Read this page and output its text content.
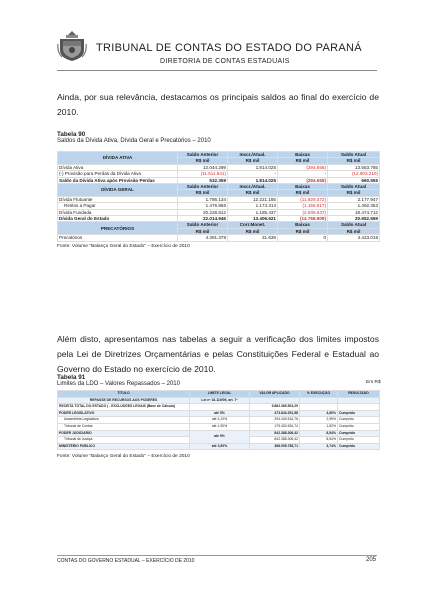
TRIBUNAL DE CONTAS DO ESTADO DO PARANÁ
DIRETORIA DE CONTAS ESTADUAIS
Ainda, por sua relevância, destacamos os principais saldos ao final do exercício de 2010.
Tabela 90
Saldos da Dívida Ativa, Dívida Geral e Precatórios – 2010
DÍVIDA ATIVA	Saldo Anterior	Inscr./Atual.	Baixas	Saldo Atual
	R$ mil	R$ mil	R$ mil	R$ mil
Dívida Ativa	12.044.299	1.814.025	(294.558)	13.563.765
(-) Provisão para Perdas da Dívida Ativa	(11.511.941)	-	-	(12.903.210)
Saldo da Dívida Ativa após Provisão Perdas	532.359	1.814.025	(294.558)	660.555
DÍVIDA GERAL	Saldo Anterior	Inscr./Atual.	Baixas	Saldo Atual
	R$ mil	R$ mil	R$ mil	R$ mil
Dívida Flutuante	1.786.134	12.221.185	(11.829.372)	2.177.947
Restos a Pagar	1.476.956	1.174.314	(1.158.917)	1.492.353
Dívida Fundada	20.228.812	1.185.437	(2.939.537)	18.474.712
Dívida Geral do Estado	22.014.946	13.406.621	(14.768.909)	20.652.659
PRECATÓRIOS	Saldo Anterior	Corr.Monet.	Baixas	Saldo Atual
	R$ mil	R$ mil	R$ mil	R$ mil
Precatórios	4.391.379	31.639	0	4.423.018
Fonte: Volume "Balanço Geral do Estado" – Exercício de 2010
Além disto, apresentamos nas tabelas a seguir a verificação dos limites impostos pela Lei de Diretrizes Orçamentárias e pelas Constituições Federal e Estadual ao Governo do Estado no exercício de 2010.
Tabela 91
Limites da LDO – Valores Repassados – 2010	Em R$
TÍTULO	LIMITE LEGAL	VALOR APLICADO	% EXECUÇÃO	RESULTADO
REPASSE DE RECURSOS AOS PODERES	Lei nº 16.119/09, art. 7º			
RECEITA TOTAL DO ESTADO ( - EXCLUSÕES LEGAIS (Base de Cálculo)		9.862.365.503,29		
PODER LEGISLATIVO	até 5%	473.843.251,58	4,80%	Cumprido
Assembléia Legislativa	até 3,10%	294.440.616,76	2,99%	Cumprido
Tribunal de Contas	até 1,90%	179.402.634,74	1,82%	Cumprido
PODER JUDICIÁRIO	até 9%	842.388.306,42	8,54%	Cumprido
Tribunal de Justiça		842.388.306,42	8,54%	Cumprido
MINISTÉRIO PÚBLICO	até 3,90%	368.095.785,71	3,74%	Cumprido
Fonte: Volume "Balanço Geral do Estado" – Exercício de 2010
CONTAS DO GOVERNO ESTADUAL – EXERCÍCIO DE 2010	205
